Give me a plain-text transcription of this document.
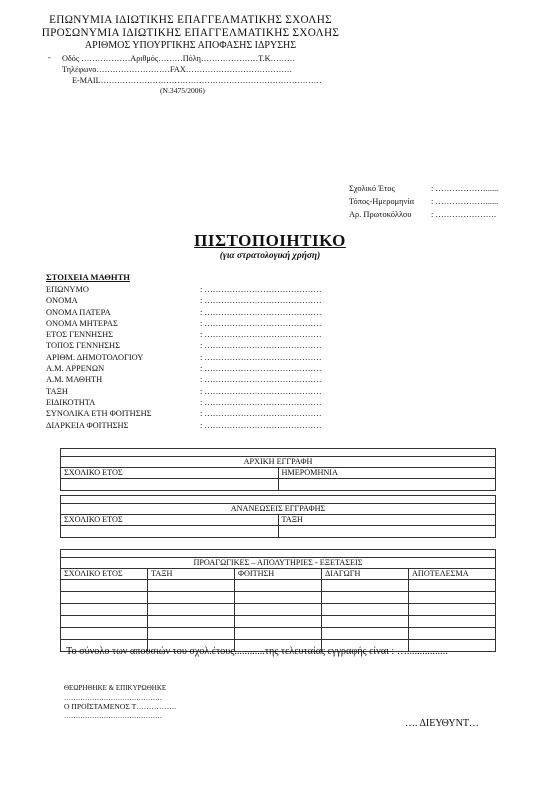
ΕΠΩΝΥΜΙΑ ΙΔΙΩΤΙΚΗΣ ΕΠΑΓΓΕΛΜΑΤΙΚΗΣ ΣΧΟΛΗΣ
ΠΡΟΣΩΝΥΜΙΑ ΙΔΙΩΤΙΚΗΣ ΕΠΑΓΓΕΛΜΑΤΙΚΗΣ ΣΧΟΛΗΣ
ΑΡΙΘΜΟΣ ΥΠΟΥΡΓΙΚΗΣ ΑΠΟΦΑΣΗΣ ΙΔΡΥΣΗΣ
- Οδός ………………Αριθμός………Πόλη…………………Τ.Κ………
Τηλέφωνο………………………FAX…………………………………
E-MAIL………………………………………………………………………
(Ν.3475/2006)
Σχολικό Έτος	: ………………......
Τόπος-Ημερομηνία : ………………......
Αρ. Πρωτοκόλλου : ………………….
ΠΙΣΤΟΠΟΙΗΤΙΚΟ
(για στρατολογική χρήση)
ΣΤΟΙΧΕΙΑ ΜΑΘΗΤΗ
ΕΠΩΝΥΜΟ	: ……………………………………
ΟΝΟΜΑ	: ……………………………………
ΟΝΟΜΑ ΠΑΤΕΡΑ	: ……………………………………
ΟΝΟΜΑ ΜΗΤΕΡΑΣ	: ……………………………………
ΕΤΟΣ ΓΕΝΝΗΣΗΣ	: ……………………………………
ΤΟΠΟΣ ΓΕΝΝΗΣΗΣ	: ……………………………………
ΑΡΙΘΜ. ΔΗΜΟΤΟΛΟΓΙΟΥ	: ……………………………………
Α.Μ. ΑΡΡΕΝΩΝ	: ……………………………………
Α.Μ. ΜΑΘΗΤΗ	: ……………………………………
ΤΑΞΗ	: ……………………………………
ΕΙΔΙΚΟΤΗΤΑ	: ……………………………………
ΣΥΝΟΛΙΚΑ ΕΤΗ ΦΟΙΤΗΣΗΣ	: ……………………………………
ΔΙΑΡΚΕΙΑ ΦΟΙΤΗΣΗΣ	: ……………………………………

ΑΡΧΙΚΗ ΕΓΓΡΑΦΗ	
ΣΧΟΛΙΚΟ ΕΤΟΣ	ΗΜΕΡΟΜΗΝΙΑ

ΑΝΑΝΕΩΣΕΙΣ ΕΓΓΡΑΦΗΣ	
ΣΧΟΛΙΚΟ ΕΤΟΣ	ΤΑΞΗ

ΠΡΟΑΓΩΓΙΚΕΣ – ΑΠΟΛΥΤΗΡΙΕΣ - ΕΞΕΤΑΣΕΙΣ				
ΣΧΟΛΙΚΟ ΕΤΟΣ	ΤΑΞΗ	ΦΟΙΤΗΣΗ	ΔΙΑΓΩΓΗ	ΑΠΟΤΕΛΕΣΜΑ

Το σύνολο των απουσιών του σχολ.έτους............της τελευταίας εγγραφής είναι : …................
ΘΕΩΡΗΘΗΚΕ & ΕΠΙΚΥΡΩΘΗΚΕ
……………………………………
Ο ΠΡΟΪΣΤΑΜΕΝΟΣ Τ…………….
……………………………………
…. ΔΙΕΥΘΥΝΤ…
